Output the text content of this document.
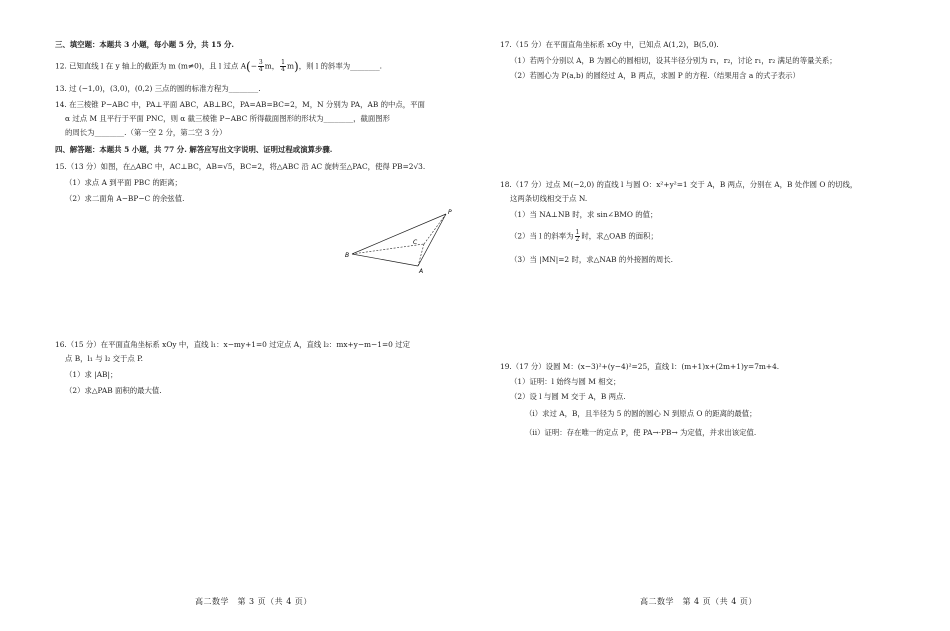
三、填空题：本题共 3 小题，每小题 5 分，共 15 分.
12. 已知直线 l 在 y 轴上的截距为 m (m≠0)，且 l 过点 $A(- \frac{3}{4}$ m， $\frac{1}{4} m$)，则 l 的斜率为________.
13. 过 (−1,0)，(3,0)，(0,2) 三点的圆的标准方程为________.
14. 在三棱锥 P−ABC 中，PA⊥平面 ABC，AB⊥BC，PA=AB=BC=2，M，N 分别为 PA，AB 的中点，平面
α 过点 M 且平行于平面 PNC，则 α 截三棱锥 P−ABC 所得截面图形的形状为________，截面图形
的周长为________.（第一空 2 分，第二空 3 分）
四、解答题：本题共 5 小题，共 77 分. 解答应写出文字说明、证明过程或演算步骤.
15.（13 分）如图，在△ABC 中，AC⊥BC，AB=√5，BC=2，将△ABC 沿 AC 旋转至△PAC，使得 PB=2√3.
（1）求点 A 到平面 PBC 的距离；
（2）求二面角 A−BP−C 的余弦值.
P
B
C
A
16.（15 分）在平面直角坐标系 xOy 中，直线 l₁：x−my+1=0 过定点 A，直线 l₂：mx+y−m−1=0 过定
点 B，l₁ 与 l₂ 交于点 P.
（1）求 |AB|；
（2）求△PAB 面积的最大值.
高二数学　第 3 页（共 4 页）
17.（15 分）在平面直角坐标系 xOy 中，已知点 A(1,2)，B(5,0).
（1）若两个分别以 A，B 为圆心的圆相切，设其半径分别为 r₁，r₂，讨论 r₁，r₂ 满足的等量关系；
（2）若圆心为 P(a,b) 的圆经过 A，B 两点，求圆 P 的方程.（结果用含 a 的式子表示）
18.（17 分）过点 M(−2,0) 的直线 l 与圆 O：x²+y²=1 交于 A，B 两点，分别在 A，B 处作圆 O 的切线，
这两条切线相交于点 N.
（1）当 NA⊥NB 时，求 sin∠BMO 的值；
（2）当 l 的斜率为 $\frac{1}{2}$ 时，求△OAB 的面积；
（3）当 |MN|=2 时，求△NAB 的外接圆的周长.
19.（17 分）设圆 M：(x−3)²+(y−4)²=25，直线 l：(m+1)x+(2m+1)y=7m+4.
（1）证明：l 始终与圆 M 相交；
（2）设 l 与圆 M 交于 A，B 两点.
（i）求过 A，B，且半径为 5 的圆的圆心 N 到原点 O 的距离的最值；
（ii）证明：存在唯一的定点 P，使 PA→·PB→ 为定值，并求出该定值.
高二数学　第 4 页（共 4 页）
